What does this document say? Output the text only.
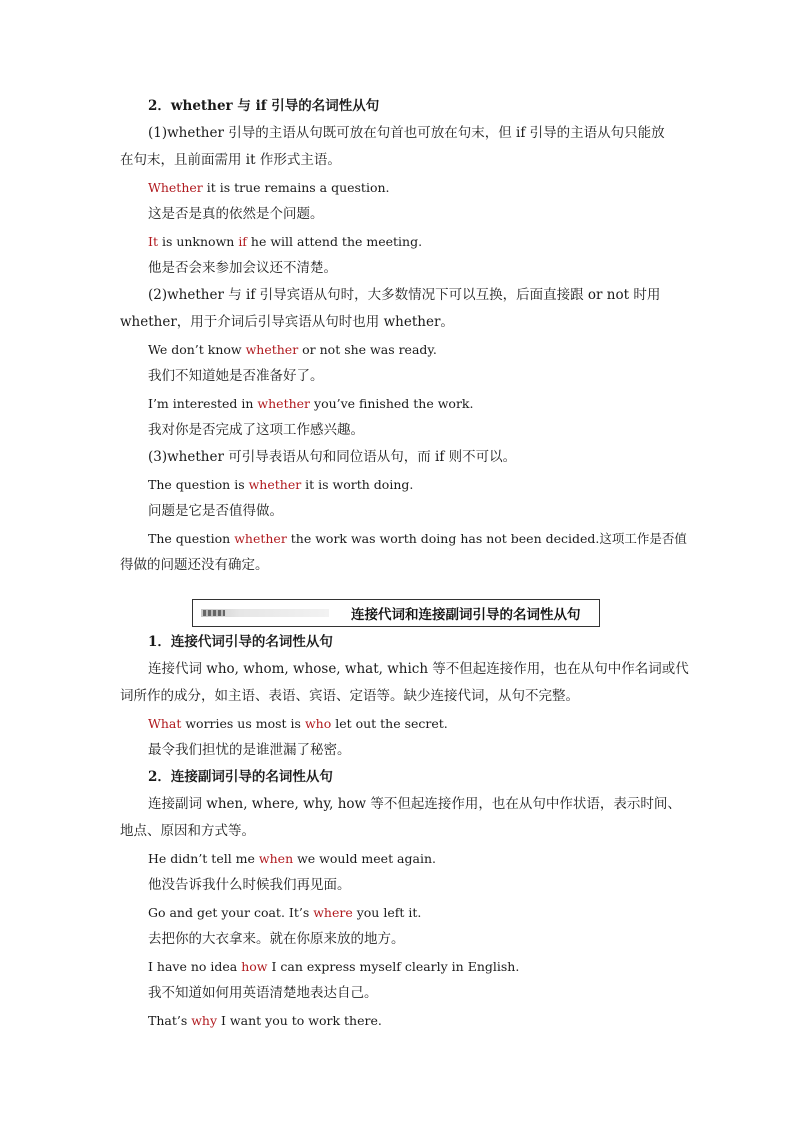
2．whether 与 if 引导的名词性从句

(1)whether 引导的主语从句既可放在句首也可放在句末，但 if 引导的主语从句只能放

在句末，且前面需用 it 作形式主语。

Whether it is true remains a question.

这是否是真的依然是个问题。

It is unknown if he will attend the meeting.

他是否会来参加会议还不清楚。

(2)whether 与 if 引导宾语从句时，大多数情况下可以互换，后面直接跟 or not 时用

whether，用于介词后引导宾语从句时也用 whether。

We don’t know whether or not she was ready.

我们不知道她是否准备好了。

I’m interested in whether you’ve finished the work.

我对你是否完成了这项工作感兴趣。

(3)whether 可引导表语从句和同位语从句，而 if 则不可以。

The question is whether it is worth doing.

问题是它是否值得做。

The question whether the work was worth doing has not been decided.这项工作是否值

得做的问题还没有确定。

连接代词和连接副词引导的名词性从句

1．连接代词引导的名词性从句

连接代词 who, whom, whose, what, which 等不但起连接作用，也在从句中作名词或代

词所作的成分，如主语、表语、宾语、定语等。缺少连接代词，从句不完整。

What worries us most is who let out the secret.

最令我们担忧的是谁泄漏了秘密。

2．连接副词引导的名词性从句

连接副词 when, where, why, how 等不但起连接作用，也在从句中作状语，表示时间、

地点、原因和方式等。

He didn’t tell me when we would meet again.

他没告诉我什么时候我们再见面。

Go and get your coat. It’s where you left it.

去把你的大衣拿来。就在你原来放的地方。

I have no idea how I can express myself clearly in English.

我不知道如何用英语清楚地表达自己。

That’s why I want you to work there.
